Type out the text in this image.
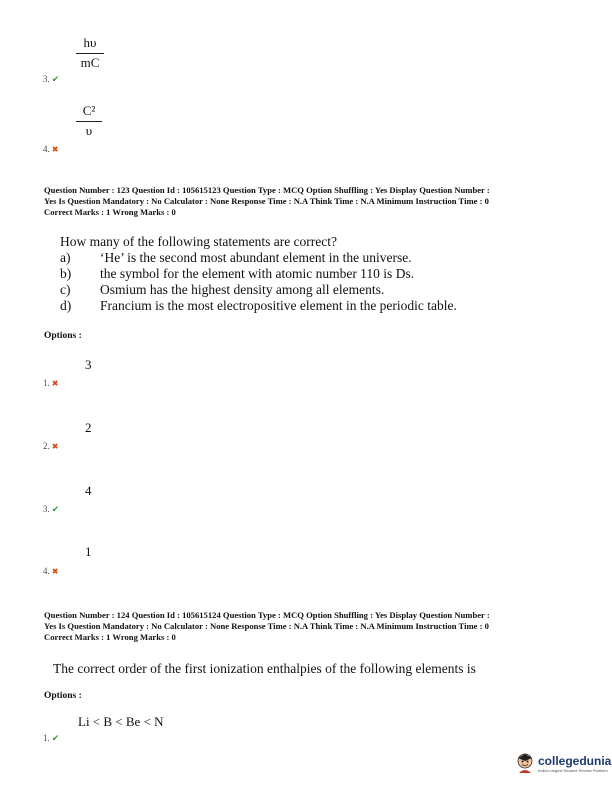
hυ
mC
3. ✔
C²
υ
4. ✖
Question Number : 123 Question Id : 105615123 Question Type : MCQ Option Shuffling : Yes Display Question Number :
Yes Is Question Mandatory : No Calculator : None Response Time : N.A Think Time : N.A Minimum Instruction Time : 0
Correct Marks : 1 Wrong Marks : 0
How many of the following statements are correct?
a) ‘He’ is the second most abundant element in the universe.
b) the symbol for the element with atomic number 110 is Ds.
c) Osmium has the highest density among all elements.
d) Francium is the most electropositive element in the periodic table.
Options :
3
1. ✖
2
2. ✖
4
3. ✔
1
4. ✖
Question Number : 124 Question Id : 105615124 Question Type : MCQ Option Shuffling : Yes Display Question Number :
Yes Is Question Mandatory : No Calculator : None Response Time : N.A Think Time : N.A Minimum Instruction Time : 0
Correct Marks : 1 Wrong Marks : 0
The correct order of the first ionization enthalpies of the following elements is
Options :
Li < B < Be < N
1. ✔
collegedunia
India's largest Student Review Platform
